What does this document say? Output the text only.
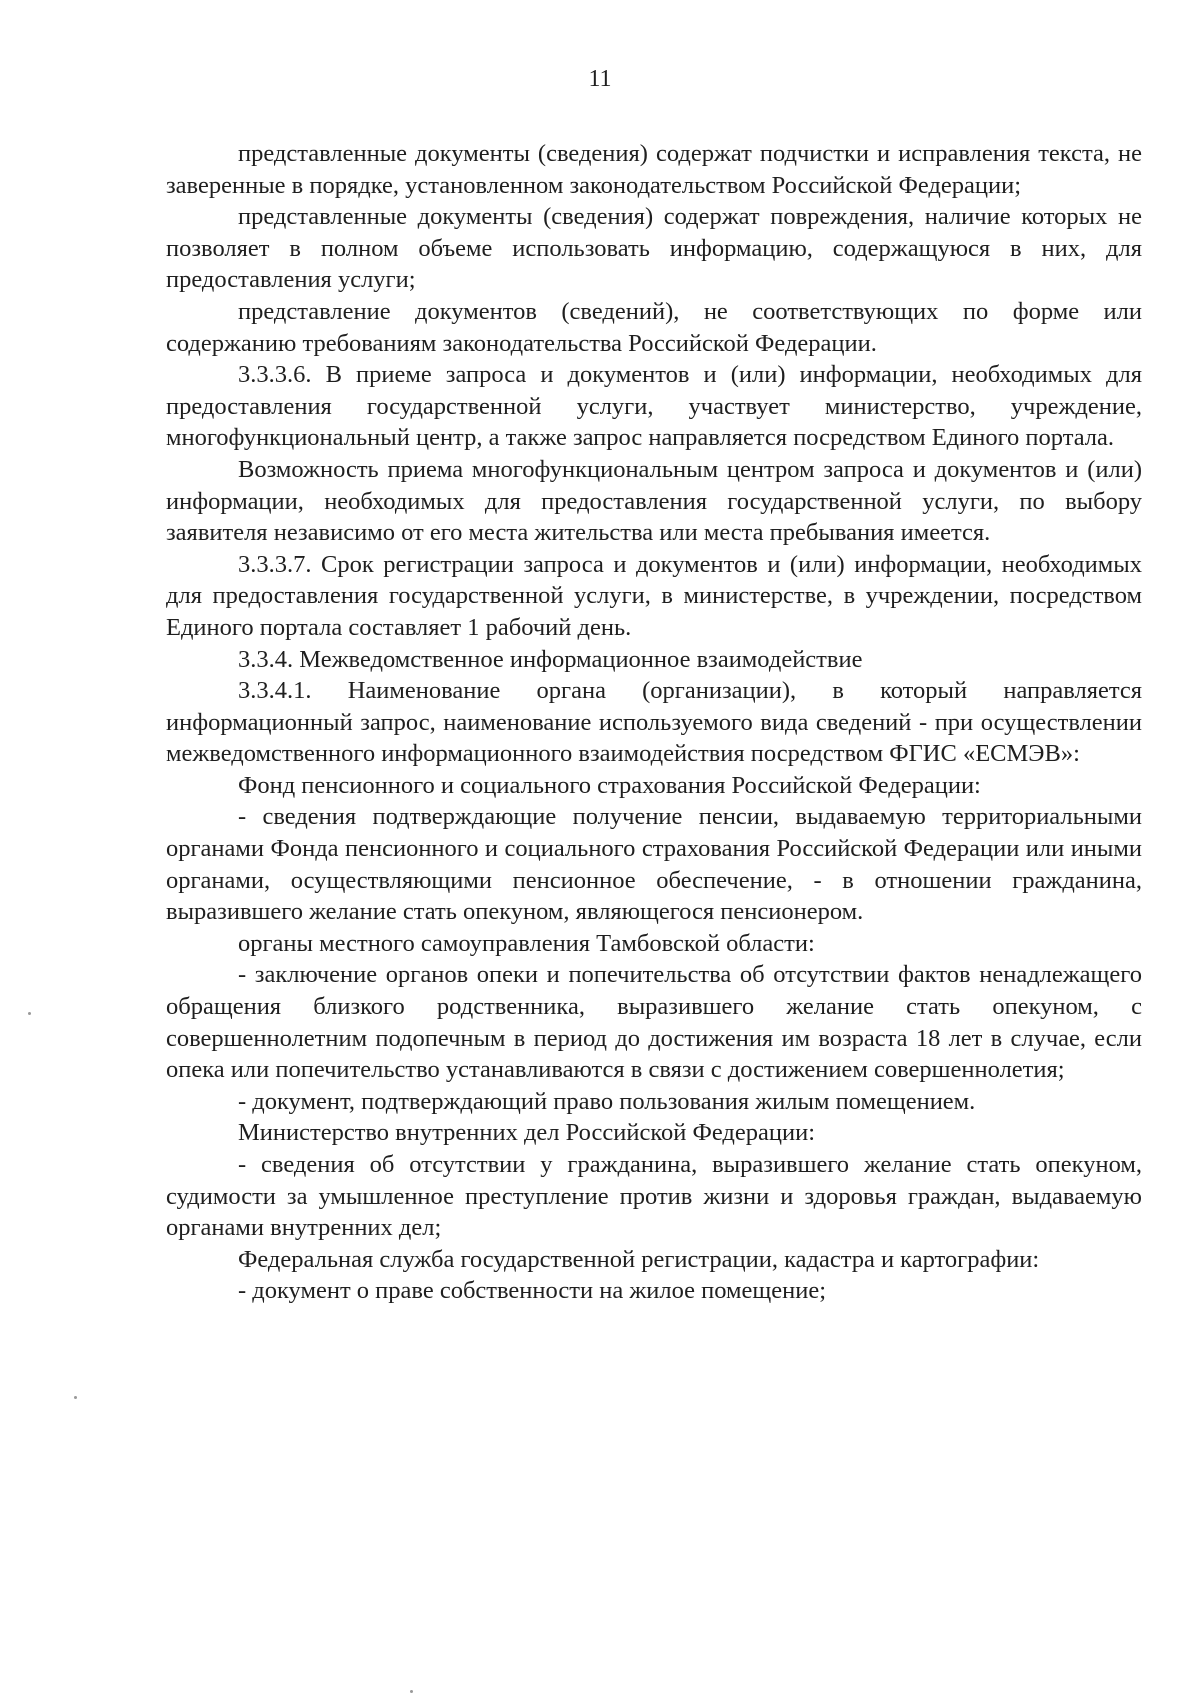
11

представленные документы (сведения) содержат подчистки и исправления текста, не заверенные в порядке, установленном законодательством Российской Федерации;

представленные документы (сведения) содержат повреждения, наличие которых не позволяет в полном объеме использовать информацию, содержащуюся в них, для предоставления услуги;

представление документов (сведений), не соответствующих по форме или содержанию требованиям законодательства Российской Федерации.

3.3.3.6. В приеме запроса и документов и (или) информации, необходимых для предоставления государственной услуги, участвует министерство, учреждение, многофункциональный центр, а также запрос направляется посредством Единого портала.

Возможность приема многофункциональным центром запроса и документов и (или) информации, необходимых для предоставления государственной услуги, по выбору заявителя независимо от его места жительства или места пребывания имеется.

3.3.3.7. Срок регистрации запроса и документов и (или) информации, необходимых для предоставления государственной услуги, в министерстве, в учреждении, посредством Единого портала составляет 1 рабочий день.

3.3.4. Межведомственное информационное взаимодействие

3.3.4.1. Наименование органа (организации), в который направляется информационный запрос, наименование используемого вида сведений - при осуществлении межведомственного информационного взаимодействия посредством ФГИС «ЕСМЭВ»:

Фонд пенсионного и социального страхования Российской Федерации:

- сведения подтверждающие получение пенсии, выдаваемую территориальными органами Фонда пенсионного и социального страхования Российской Федерации или иными органами, осуществляющими пенсионное обеспечение, - в отношении гражданина, выразившего желание стать опекуном, являющегося пенсионером.

органы местного самоуправления Тамбовской области:

- заключение органов опеки и попечительства об отсутствии фактов ненадлежащего обращения близкого родственника, выразившего желание стать опекуном, с совершеннолетним подопечным в период до достижения им возраста 18 лет в случае, если опека или попечительство устанавливаются в связи с достижением совершеннолетия;

- документ, подтверждающий право пользования жилым помещением.

Министерство внутренних дел Российской Федерации:

- сведения об отсутствии у гражданина, выразившего желание стать опекуном, судимости за умышленное преступление против жизни и здоровья граждан, выдаваемую органами внутренних дел;

Федеральная служба государственной регистрации, кадастра и картографии:

- документ о праве собственности на жилое помещение;
